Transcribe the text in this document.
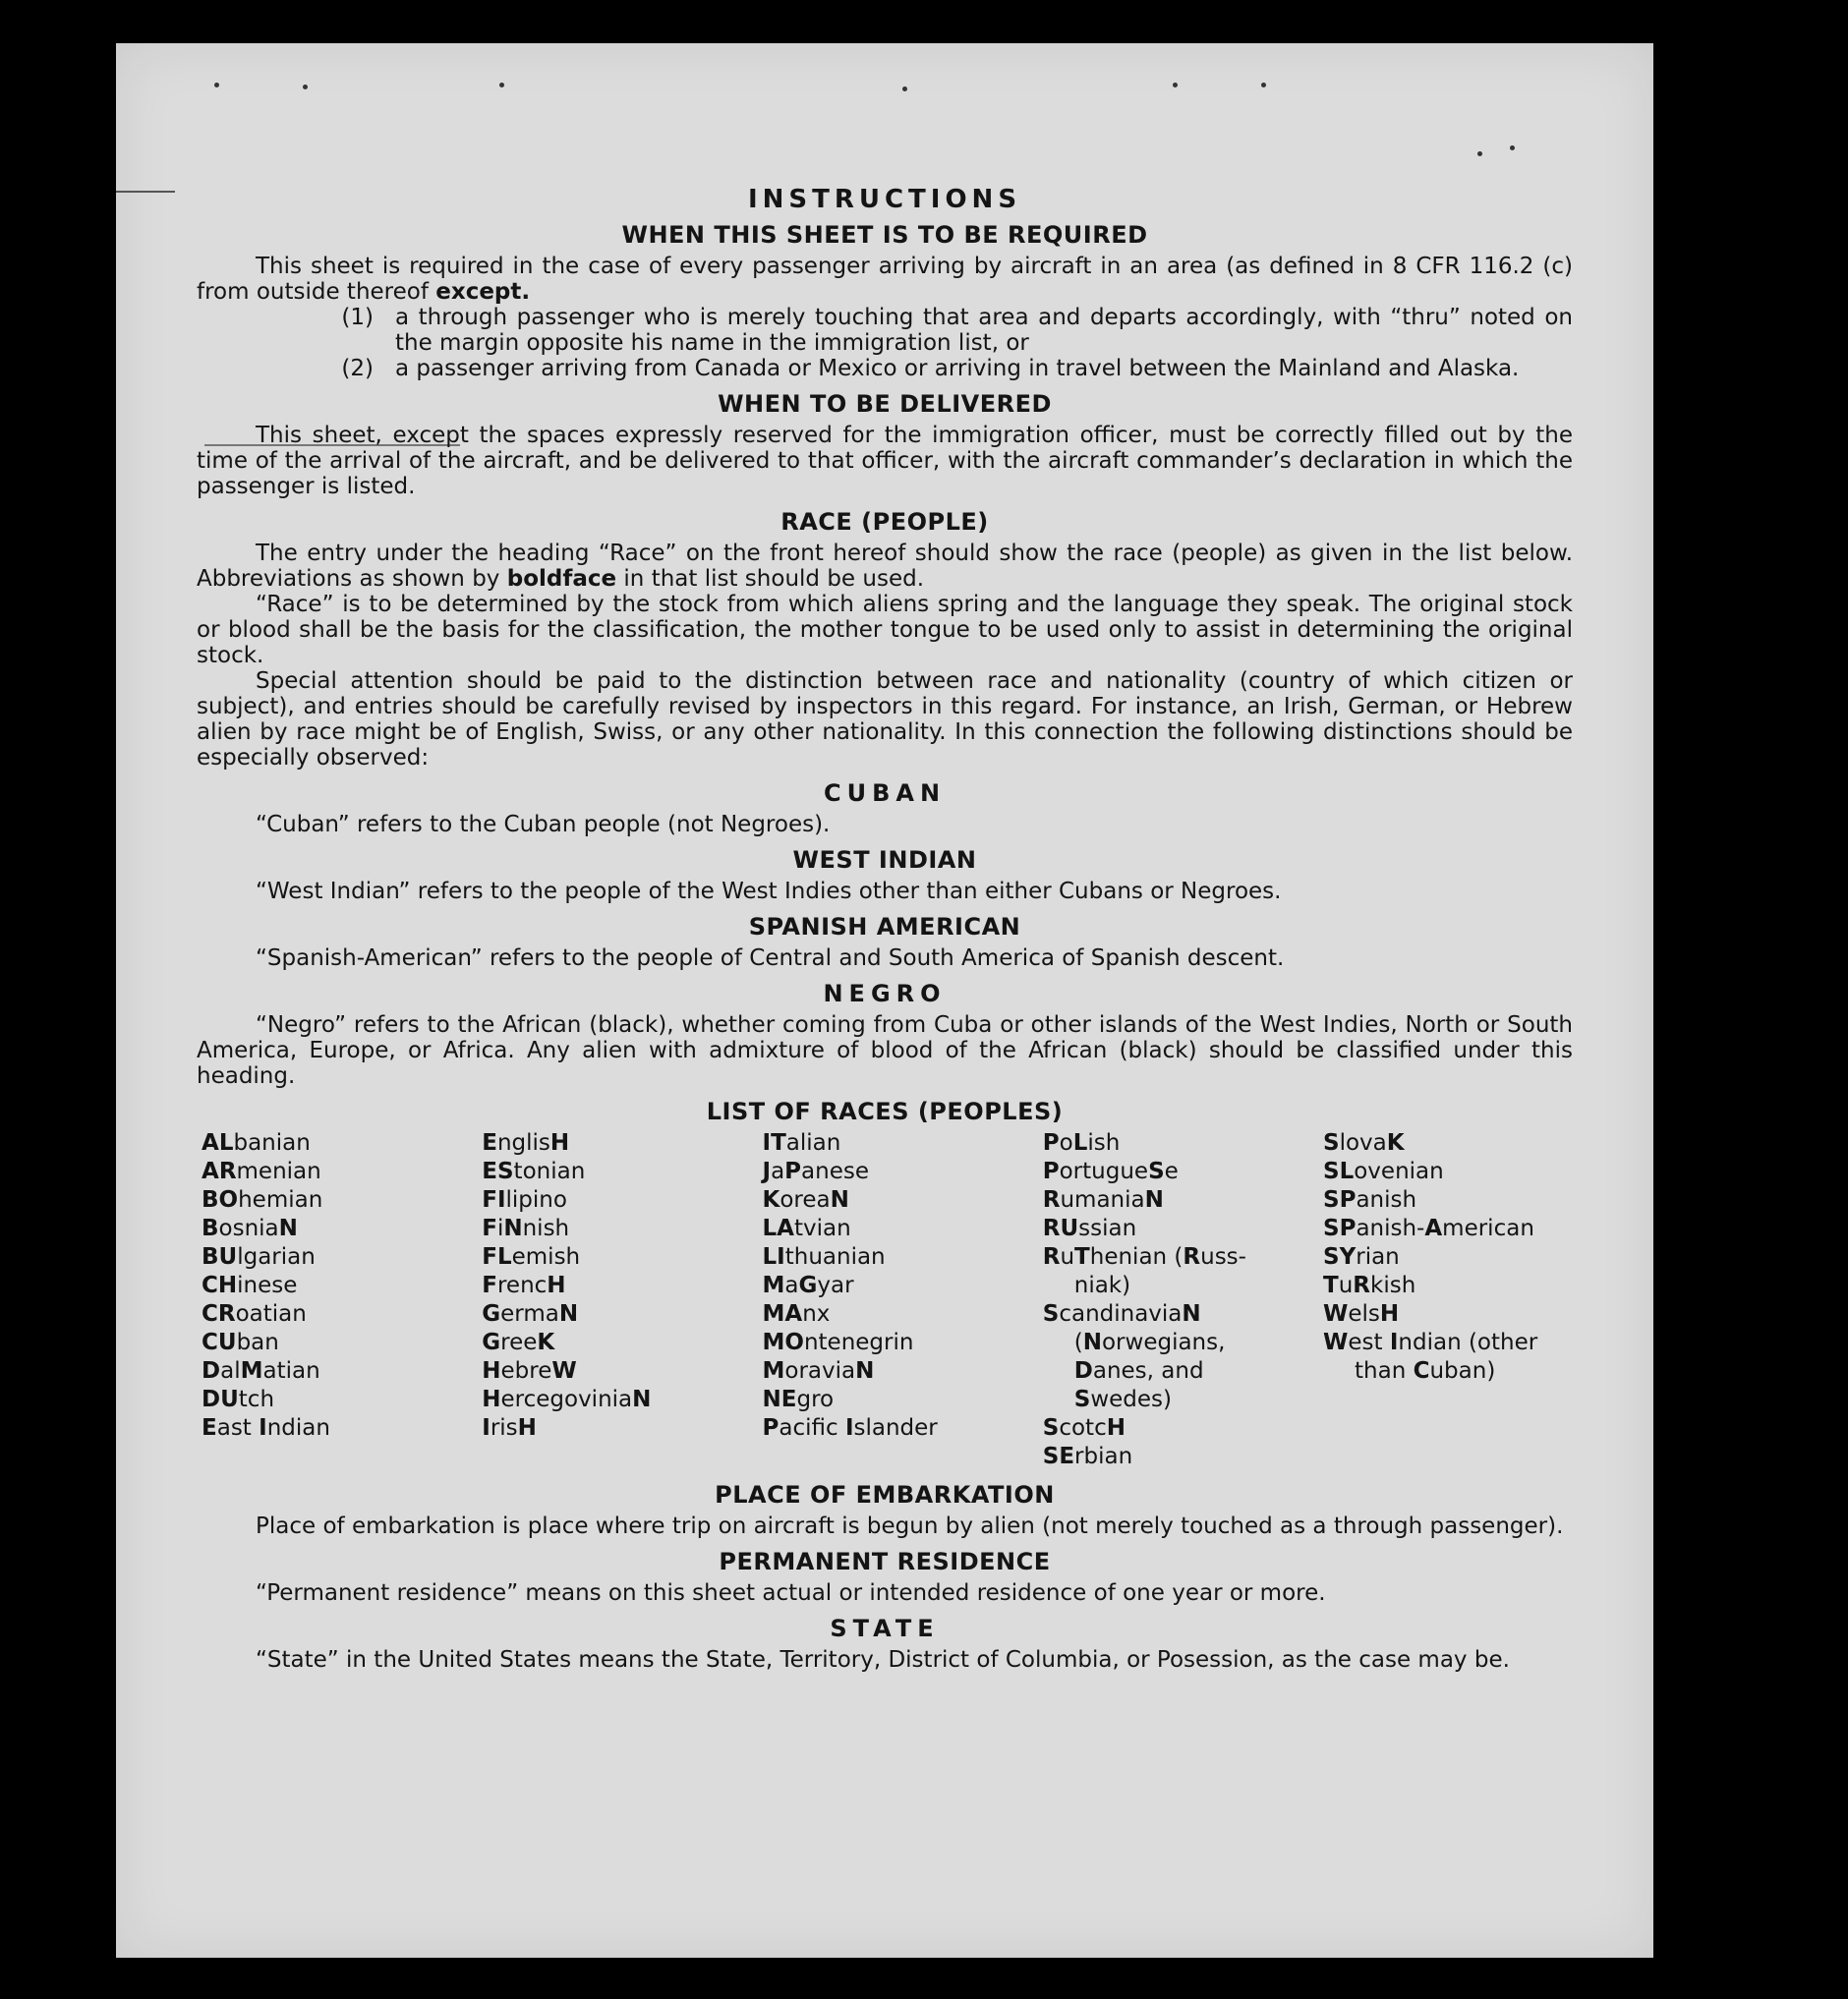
INSTRUCTIONS
WHEN THIS SHEET IS TO BE REQUIRED

This sheet is required in the case of every passenger arriving by aircraft in an area (as defined in 8 CFR 116.2 (c) from outside thereof except.

(1) a through passenger who is merely touching that area and departs accordingly, with “thru” noted on the margin opposite his name in the immigration list, or
(2) a passenger arriving from Canada or Mexico or arriving in travel between the Mainland and Alaska.
WHEN TO BE DELIVERED

This sheet, except the spaces expressly reserved for the immigration officer, must be correctly filled out by the time of the arrival of the aircraft, and be delivered to that officer, with the aircraft commander’s declaration in which the passenger is listed.

RACE (PEOPLE)

The entry under the heading “Race” on the front hereof should show the race (people) as given in the list below. Abbreviations as shown by boldface in that list should be used.

“Race” is to be determined by the stock from which aliens spring and the language they speak. The original stock or blood shall be the basis for the classification, the mother tongue to be used only to assist in determining the original stock.

Special attention should be paid to the distinction between race and nationality (country of which citizen or subject), and entries should be carefully revised by inspectors in this regard. For instance, an Irish, German, or Hebrew alien by race might be of English, Swiss, or any other nationality. In this connection the following distinctions should be especially observed:

CUBAN

“Cuban” refers to the Cuban people (not Negroes).

WEST INDIAN

“West Indian” refers to the people of the West Indies other than either Cubans or Negroes.

SPANISH AMERICAN

“Spanish-American” refers to the people of Central and South America of Spanish descent.

NEGRO

“Negro” refers to the African (black), whether coming from Cuba or other islands of the West Indies, North or South America, Europe, or Africa. Any alien with admixture of blood of the African (black) should be classified under this heading.

LIST OF RACES (PEOPLES)
ALbanian
ARmenian
BOhemian
BosniaN
BUlgarian
CHinese
CRoatian
CUban
DalMatian
DUtch
East Indian
EnglisH
EStonian
FIlipino
FiNnish
FLemish
FrencH
GermaN
GreeK
HebreW
HercegoviniaN
IrisH
ITalian
JaPanese
KoreaN
LAtvian
LIthuanian
MaGyar
MAnx
MOntenegrin
MoraviaN
NEgro
Pacific Islander
PoLish
PortugueSe
RumaniaN
RUssian
RuThenian (Russ-
niak)
ScandinaviaN
(Norwegians,
Danes, and
Swedes)
ScotcH
SErbian
SlovaK
SLovenian
SPanish
SPanish-American
SYrian
TuRkish
WelsH
West Indian (other
than Cuban)
PLACE OF EMBARKATION

Place of embarkation is place where trip on aircraft is begun by alien (not merely touched as a through passenger).

PERMANENT RESIDENCE

“Permanent residence” means on this sheet actual or intended residence of one year or more.

STATE

“State” in the United States means the State, Territory, District of Columbia, or Posession, as the case may be.
